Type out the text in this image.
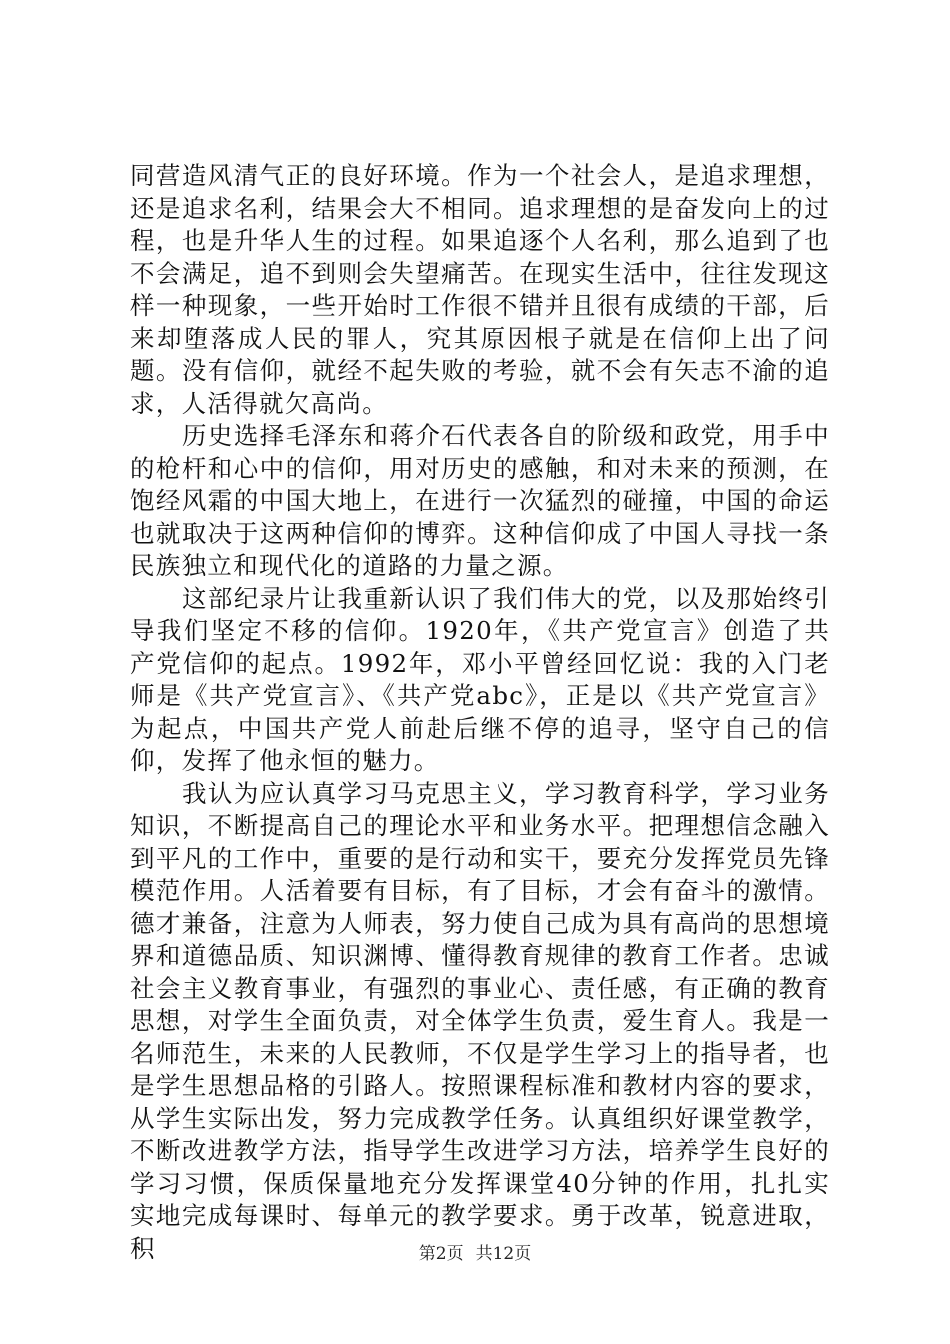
同营造风清气正的良好环境。作为一个社会人，是追求理想，还是追求名利，结果会大不相同。追求理想的是奋发向上的过程，也是升华人生的过程。如果追逐个人名利，那么追到了也不会满足，追不到则会失望痛苦。在现实生活中，往往发现这样一种现象，一些开始时工作很不错并且很有成绩的干部，后来却堕落成人民的罪人，究其原因根子就是在信仰上出了问题。没有信仰，就经不起失败的考验，就不会有矢志不渝的追求，人活得就欠高尚。

历史选择毛泽东和蒋介石代表各自的阶级和政党，用手中的枪杆和心中的信仰，用对历史的感触，和对未来的预测，在饱经风霜的中国大地上，在进行一次猛烈的碰撞，中国的命运也就取决于这两种信仰的博弈。这种信仰成了中国人寻找一条民族独立和现代化的道路的力量之源。

这部纪录片让我重新认识了我们伟大的党，以及那始终引导我们坚定不移的信仰。1920年，《共产党宣言》创造了共产党信仰的起点。1992年，邓小平曾经回忆说：我的入门老师是《共产党宣言》、《共产党abc》，正是以《共产党宣言》为起点，中国共产党人前赴后继不停的追寻，坚守自己的信仰，发挥了他永恒的魅力。

我认为应认真学习马克思主义，学习教育科学，学习业务知识，不断提高自己的理论水平和业务水平。把理想信念融入到平凡的工作中，重要的是行动和实干，要充分发挥党员先锋模范作用。人活着要有目标，有了目标，才会有奋斗的激情。德才兼备，注意为人师表，努力使自己成为具有高尚的思想境界和道德品质、知识渊博、懂得教育规律的教育工作者。忠诚社会主义教育事业，有强烈的事业心、责任感，有正确的教育思想，对学生全面负责，对全体学生负责，爱生育人。我是一名师范生，未来的人民教师，不仅是学生学习上的指导者，也是学生思想品格的引路人。按照课程标准和教材内容的要求，从学生实际出发，努力完成教学任务。认真组织好课堂教学，不断改进教学方法，指导学生改进学习方法，培养学生良好的学习习惯，保质保量地充分发挥课堂40分钟的作用，扎扎实实地完成每课时、每单元的教学要求。勇于改革，锐意进取，积	第2页 共12页
